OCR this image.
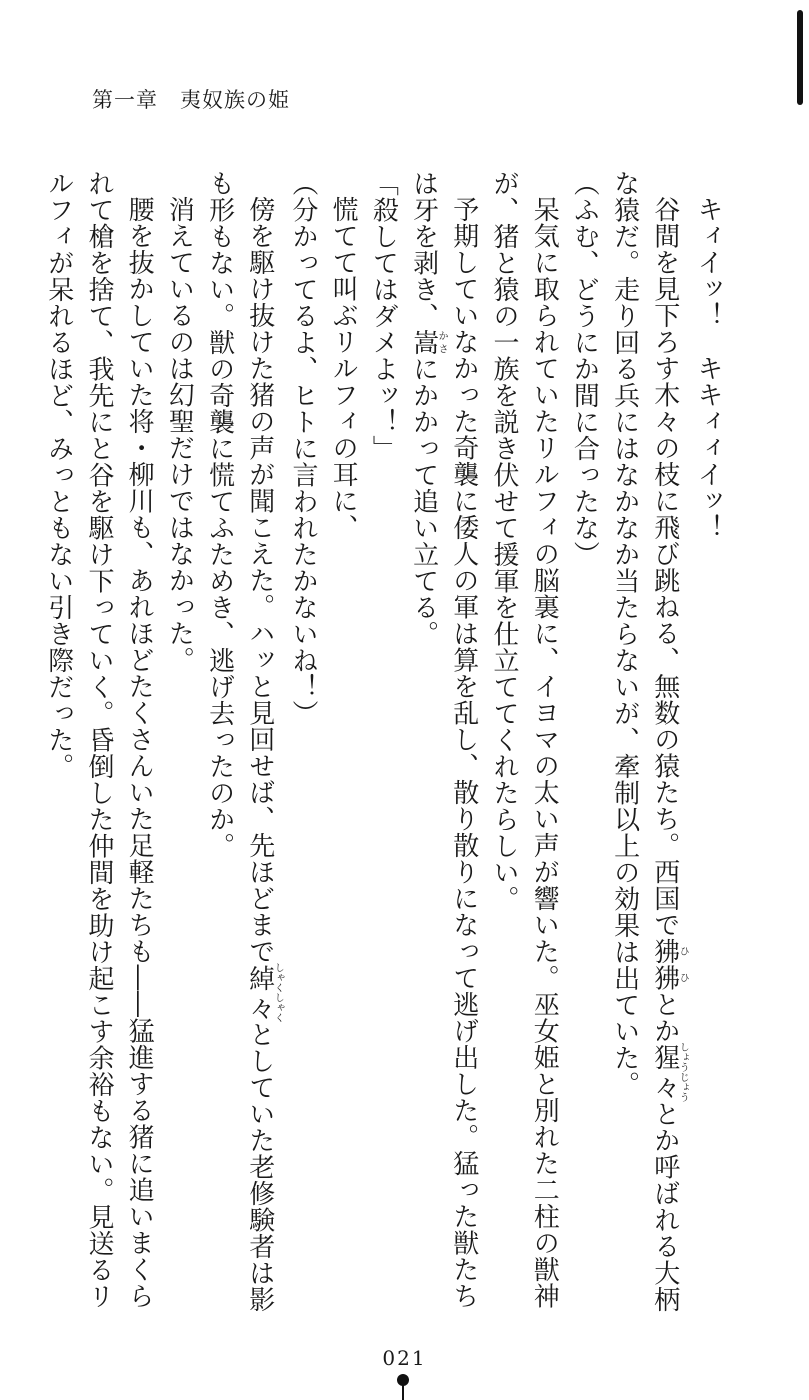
第一章　夷奴族の姫

キィイッ！　キキィィイッ！

谷間を見下ろす木々の枝に飛び跳ねる、無数の猿たち。西国で狒狒ひひとか猩々しょうじょうとか呼ばれる大柄な猿だ。走り回る兵にはなかなか当たらないが、牽制以上の効果は出ていた。

（ふむ、どうにか間に合ったな）

呆気に取られていたリルフィの脳裏に、イヨマの太い声が響いた。巫女姫と別れた二柱の獣神が、猪と猿の一族を説き伏せて援軍を仕立ててくれたらしい。

予期していなかった奇襲に倭人の軍は算を乱し、散り散りになって逃げ出した。猛った獣たちは牙を剥き、嵩かさにかかって追い立てる。

「殺してはダメよッ！」

慌てて叫ぶリルフィの耳に、

（分かってるよ、ヒトに言われたかないね！）

傍を駆け抜けた猪の声が聞こえた。ハッと見回せば、先ほどまで綽々しゃくしゃくとしていた老修験者は影も形もない。獣の奇襲に慌てふためき、逃げ去ったのか。

消えているのは幻聖だけではなかった。

腰を抜かしていた将・柳川も、あれほどたくさんいた足軽たちも――猛進する猪に追いまくられて槍を捨て、我先にと谷を駆け下っていく。昏倒した仲間を助け起こす余裕もない。見送るリルフィが呆れるほど、みっともない引き際だった。

021
